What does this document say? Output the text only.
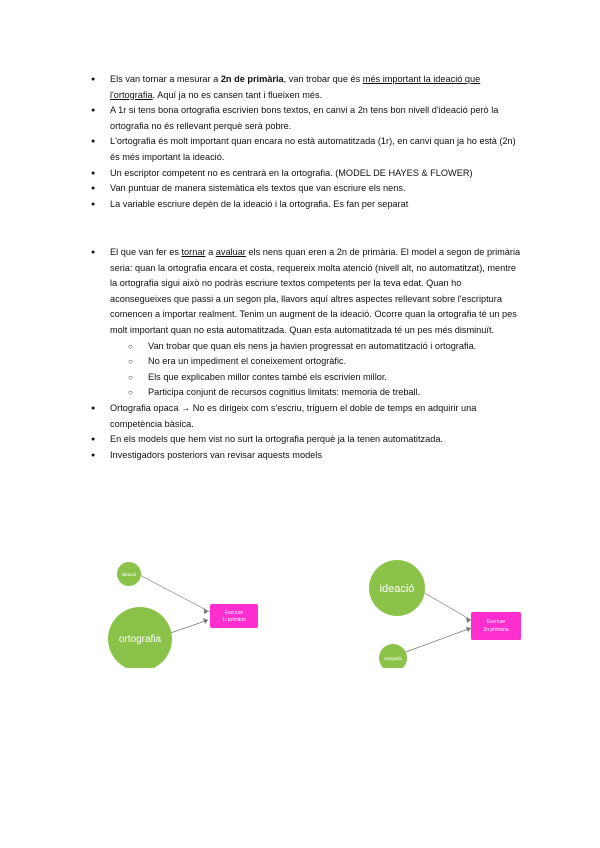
● Els van tornar a mesurar a 2n de primària, van trobar que és més important la ideació que l'ortografia. Aquí ja no es cansen tant i flueixen més.
● A 1r si tens bona ortografia escrivien bons textos, en canvi a 2n tens bon nivell d'ideació però la ortografia no és rellevant perquè serà pobre.
● L'ortografia és molt important quan encara no està automatitzada (1r), en canvi quan ja ho està (2n) és més important la ideació.
● Un escriptor competent no es centrarà en la ortografia. (MODEL DE HAYES & FLOWER)
● Van puntuar de manera sistemàtica els textos que van escriure els nens.
● La variable escriure depèn de la ideació i la ortografia. Es fan per separat
● El que van fer es tornar a avaluar els nens quan eren a 2n de primària. El model a segon de primària seria: quan la ortografia encara et costa, requereix molta atenció (nivell alt, no automatitzat), mentre la ortografia sigui això no podràs escriure textos competents per la teva edat. Quan ho aconsegueixes que passi a un segon pla, llavors aquí altres aspectes rellevant sobre l'escriptura comencen a importar realment. Tenim un augment de la ideació. Ocorre quan la ortografia té un pes molt important quan no esta automatitzada. Quan esta automatitzada té un pes més disminuït.
○ Van trobar que quan els nens ja havien progressat en automatització i ortografia.
○ No era un impediment el coneixement ortogràfic.
○ Els que explicaben millor contes també els escrivien millor.
○ Participa conjunt de recursos cognitius limitats: memoria de treball.
● Ortografia opaca → No es dirigeix com s'escriu, triguem el doble de temps en adquirir una competència bàsica.
● En els models que hem vist no surt la ortografia perquè ja la tenen automatitzada.
● Investigadors posteriors van revisar aquests models
ideació
ortografia
Escriure
1r primària
ideació
ortografia
Escriure
2n primària
